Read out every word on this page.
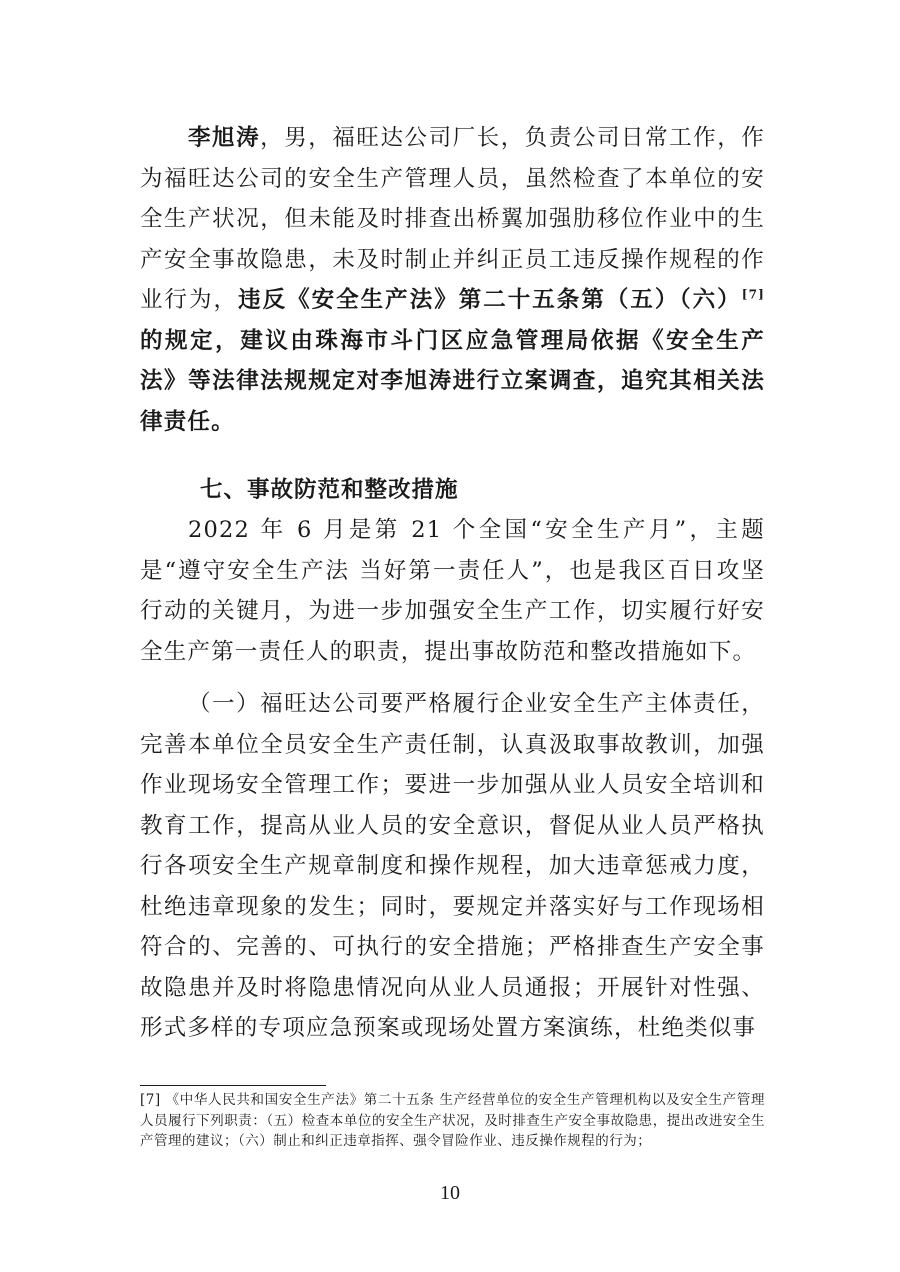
李旭涛，男，福旺达公司厂长，负责公司日常工作，作为福旺达公司的安全生产管理人员，虽然检查了本单位的安全生产状况，但未能及时排查出桥翼加强肋移位作业中的生产安全事故隐患，未及时制止并纠正员工违反操作规程的作业行为，违反《安全生产法》第二十五条第（五）（六）[7]的规定，建议由珠海市斗门区应急管理局依据《安全生产法》等法律法规规定对李旭涛进行立案调查，追究其相关法律责任。

七、事故防范和整改措施

2022 年 6 月是第 21 个全国“安全生产月”，主题是“遵守安全生产法 当好第一责任人”，也是我区百日攻坚行动的关键月，为进一步加强安全生产工作，切实履行好安全生产第一责任人的职责，提出事故防范和整改措施如下。

（一）福旺达公司要严格履行企业安全生产主体责任，完善本单位全员安全生产责任制，认真汲取事故教训，加强作业现场安全管理工作；要进一步加强从业人员安全培训和教育工作，提高从业人员的安全意识，督促从业人员严格执行各项安全生产规章制度和操作规程，加大违章惩戒力度，杜绝违章现象的发生；同时，要规定并落实好与工作现场相符合的、完善的、可执行的安全措施；严格排查生产安全事故隐患并及时将隐患情况向从业人员通报；开展针对性强、形式多样的专项应急预案或现场处置方案演练，杜绝类似事

[7] 《中华人民共和国安全生产法》第二十五条 生产经营单位的安全生产管理机构以及安全生产管理人员履行下列职责：（五）检查本单位的安全生产状况，及时排查生产安全事故隐患，提出改进安全生产管理的建议；（六）制止和纠正违章指挥、强令冒险作业、违反操作规程的行为；

10
